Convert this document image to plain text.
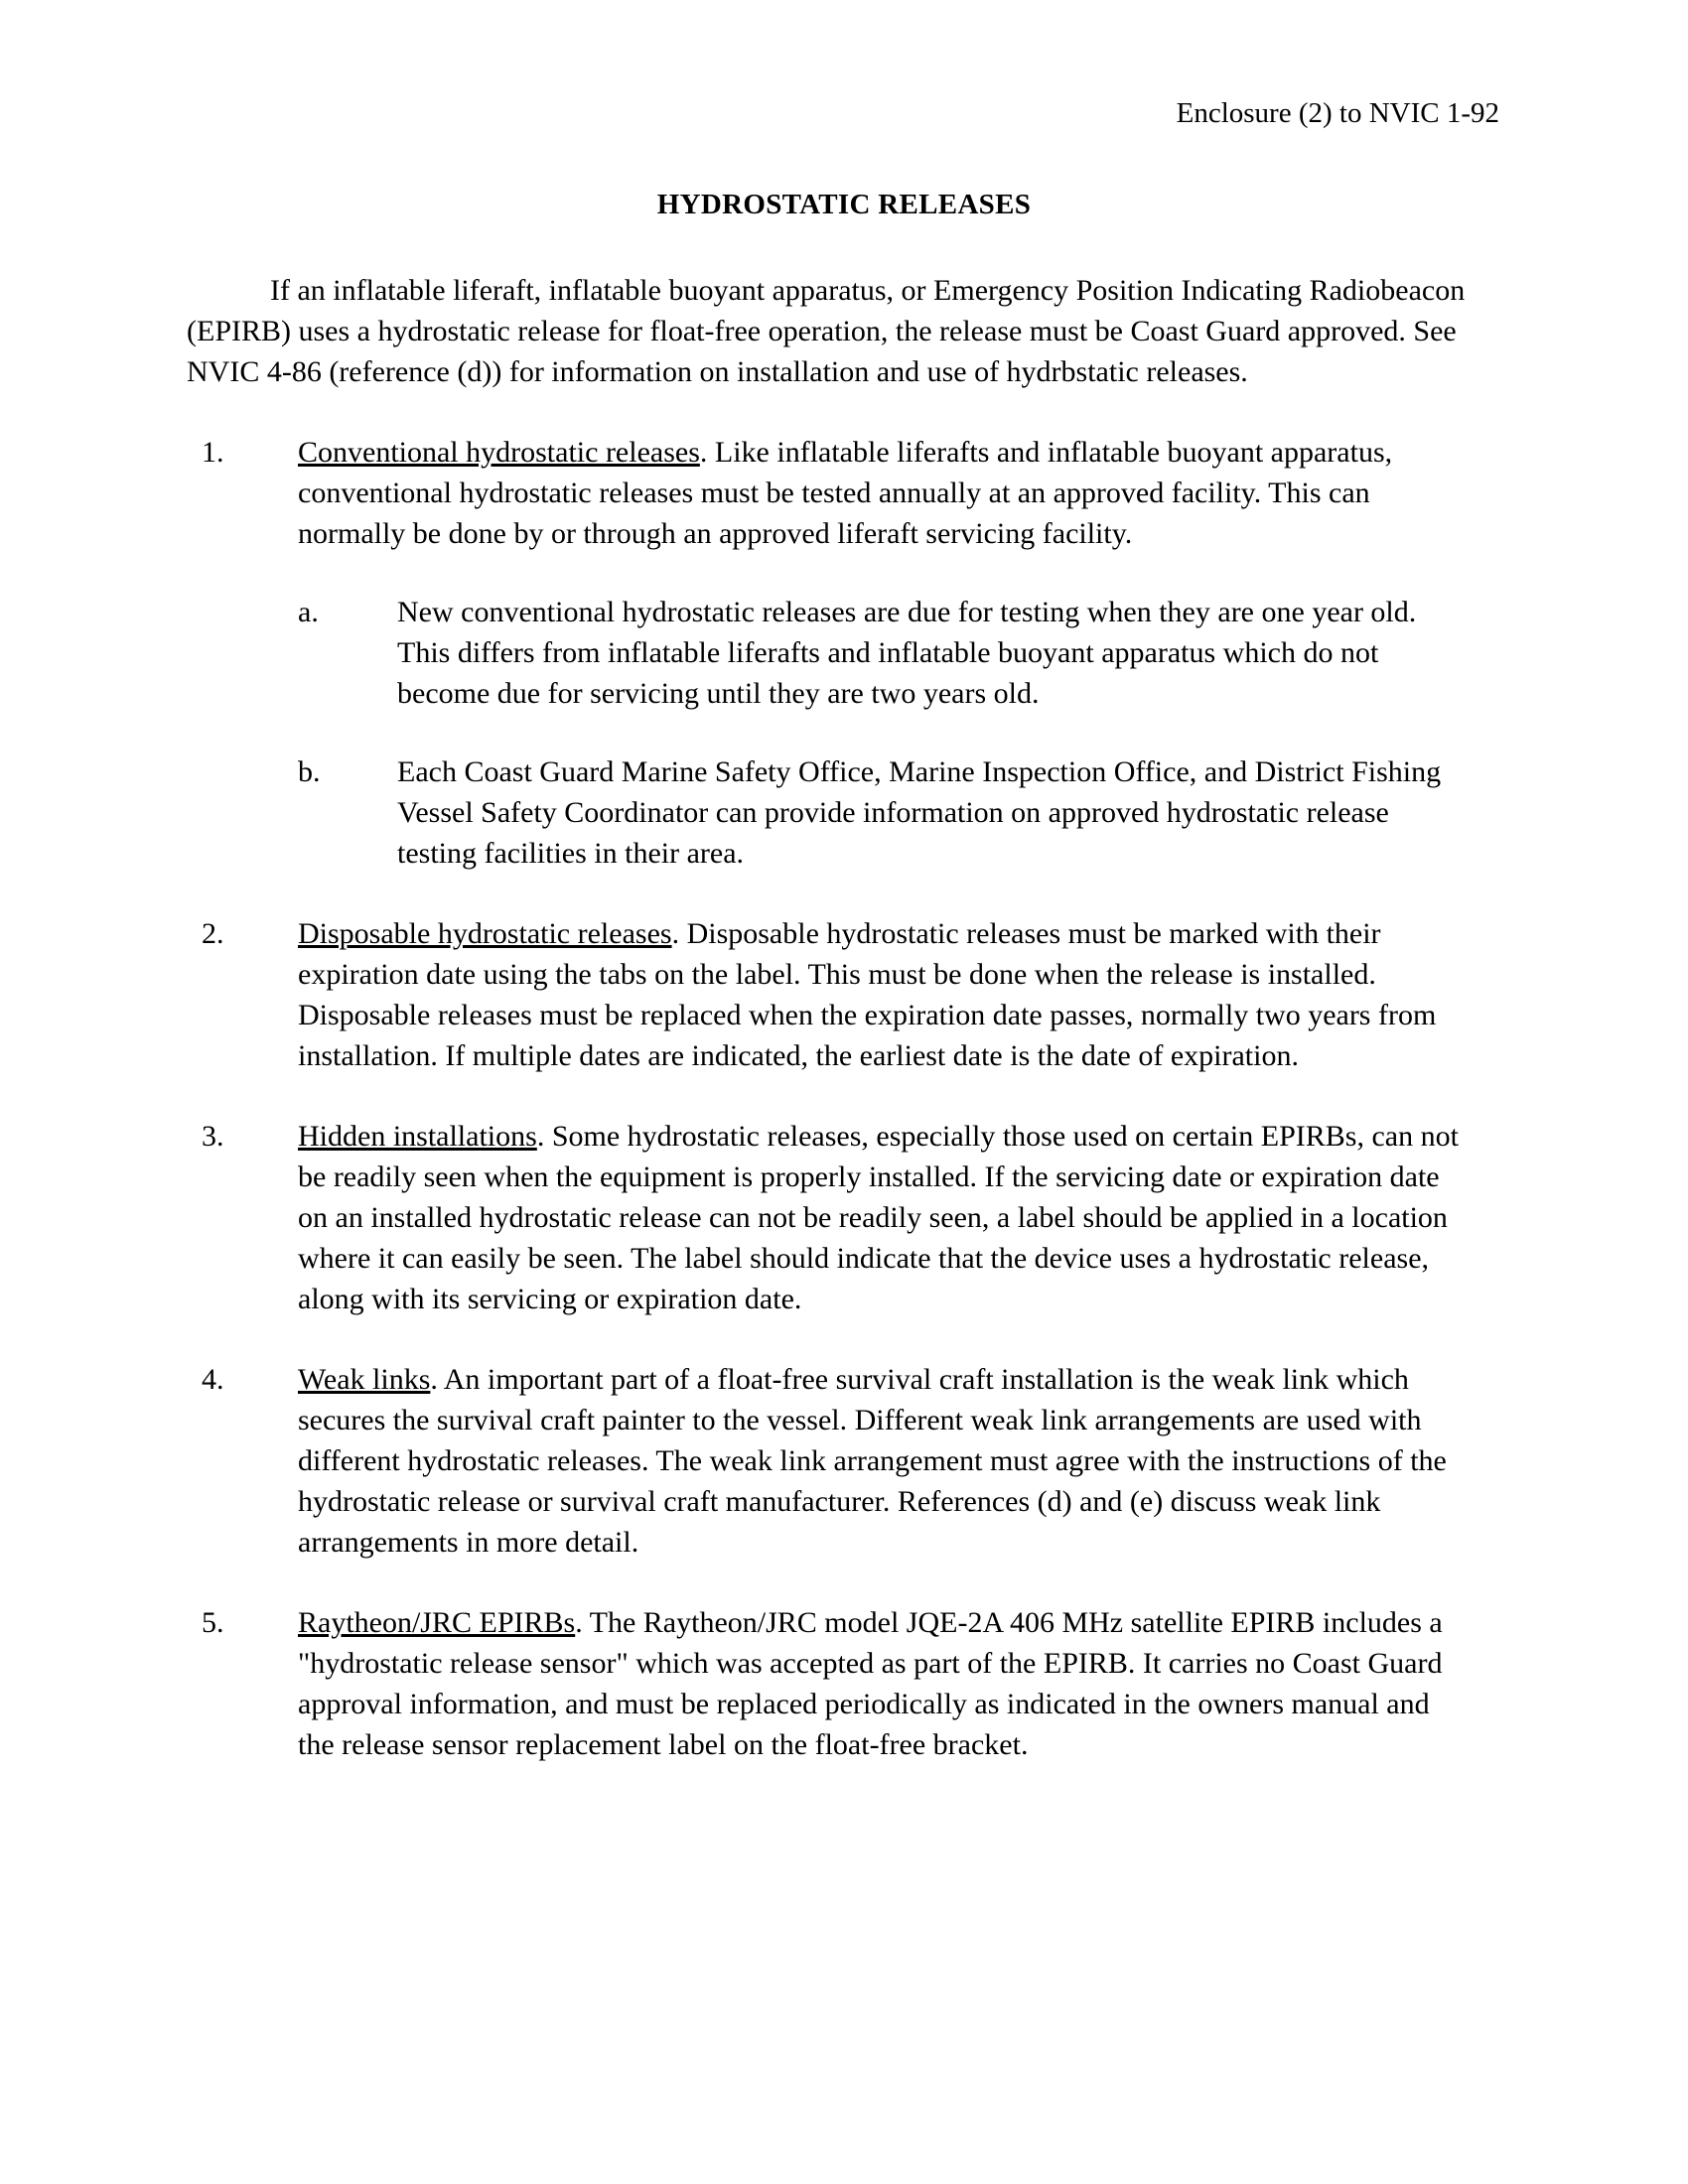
Enclosure (2) to NVIC 1-92
HYDROSTATIC RELEASES

If an inflatable liferaft, inflatable buoyant apparatus, or Emergency Position Indicating Radiobeacon (EPIRB) uses a hydrostatic release for float-free operation, the release must be Coast Guard approved. See NVIC 4-86 (reference (d)) for information on installation and use of hydrbstatic releases.

1.	Conventional hydrostatic releases. Like inflatable liferafts and inflatable buoyant apparatus, conventional hydrostatic releases must be tested annually at an approved facility. This can normally be done by or through an approved liferaft servicing facility.
a.	New conventional hydrostatic releases are due for testing when they are one year old. This differs from inflatable liferafts and inflatable buoyant apparatus which do not become due for servicing until they are two years old.
b.	Each Coast Guard Marine Safety Office, Marine Inspection Office, and District Fishing Vessel Safety Coordinator can provide information on approved hydrostatic release testing facilities in their area.
2.	Disposable hydrostatic releases. Disposable hydrostatic releases must be marked with their expiration date using the tabs on the label. This must be done when the release is installed. Disposable releases must be replaced when the expiration date passes, normally two years from installation. If multiple dates are indicated, the earliest date is the date of expiration.
3.	Hidden installations. Some hydrostatic releases, especially those used on certain EPIRBs, can not be readily seen when the equipment is properly installed. If the servicing date or expiration date on an installed hydrostatic release can not be readily seen, a label should be applied in a location where it can easily be seen. The label should indicate that the device uses a hydrostatic release, along with its servicing or expiration date.
4.	Weak links. An important part of a float-free survival craft installation is the weak link which secures the survival craft painter to the vessel. Different weak link arrangements are used with different hydrostatic releases. The weak link arrangement must agree with the instructions of the hydrostatic release or survival craft manufacturer. References (d) and (e) discuss weak link arrangements in more detail.
5.	Raytheon/JRC EPIRBs. The Raytheon/JRC model JQE-2A 406 MHz satellite EPIRB includes a "hydrostatic release sensor" which was accepted as part of the EPIRB. It carries no Coast Guard approval information, and must be replaced periodically as indicated in the owners manual and the release sensor replacement label on the float-free bracket.
